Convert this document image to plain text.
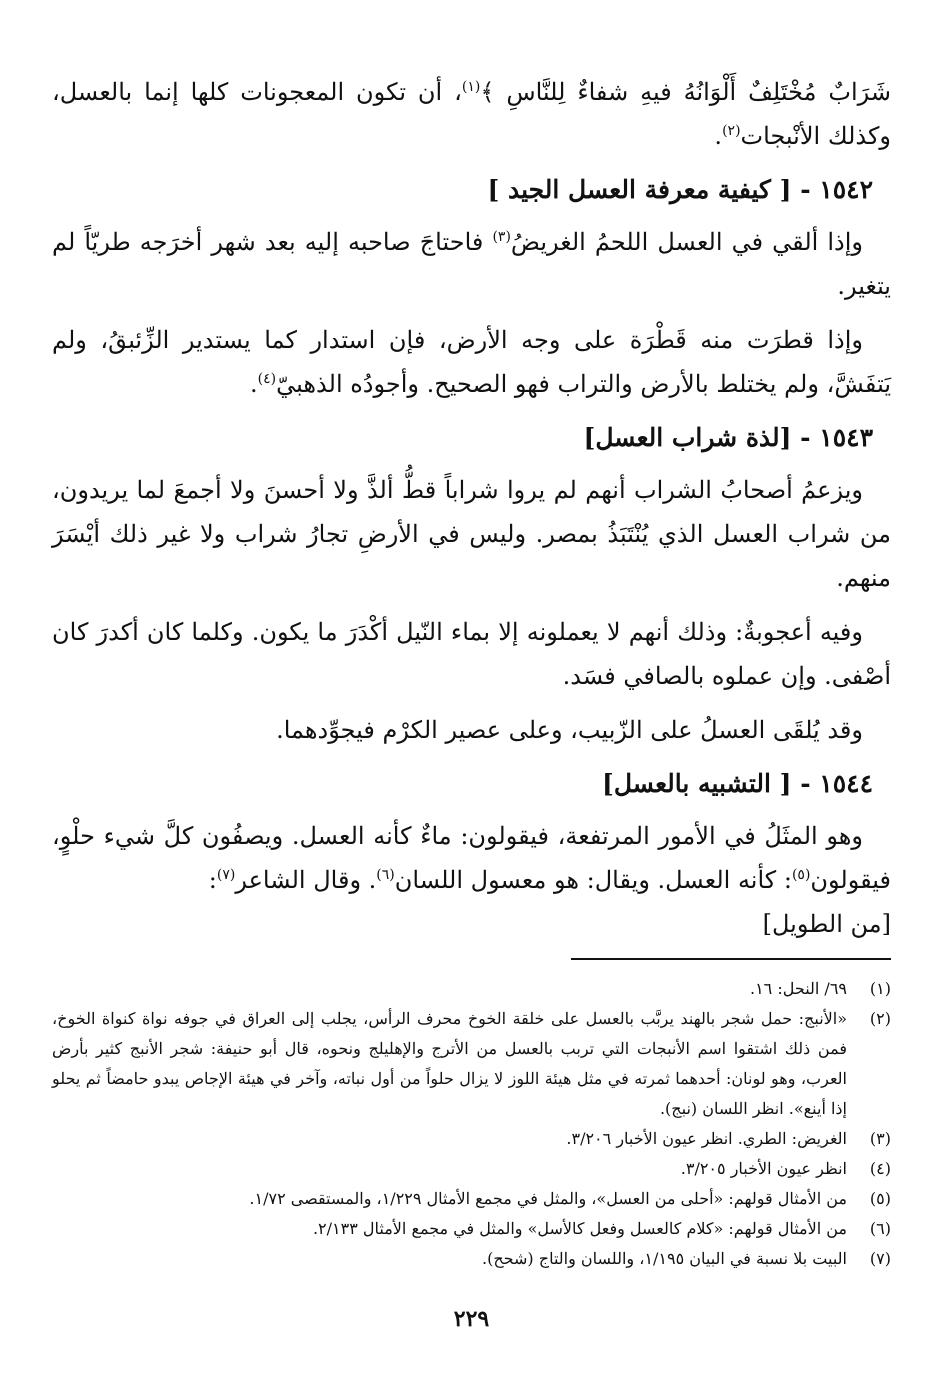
شَرَابٌ مُخْتَلِفٌ أَلْوَانُهُ فيهِ شفاءٌ لِلنَّاسِ ﴾$^{(١)}$، أن تكون المعجونات كلها إنما بالعسل، وكذلك الأنْبجات$^{(٢)}$.

١٥٤٢ - [ كيفية معرفة العسل الجيد ]

وإذا ألقي في العسل اللحمُ الغريضُ$^{(٣)}$ فاحتاجَ صاحبه إليه بعد شهر أخرَجه طريّاً لم يتغير.

وإذا قطرَت منه قَطْرَة على وجه الأرض، فإن استدار كما يستدير الزِّئبقُ، ولم يَتفَشَّ، ولم يختلط بالأرض والتراب فهو الصحيح. وأجودُه الذهبيّ$^{(٤)}$.

١٥٤٣ - [لذة شراب العسل]

ويزعمُ أصحابُ الشراب أنهم لم يروا شراباً قطُّ ألذَّ ولا أحسنَ ولا أجمعَ لما يريدون، من شراب العسل الذي يُنْتَبَذُ بمصر. وليس في الأرضِ تجارُ شراب ولا غير ذلك أيْسَرَ منهم.

وفيه أعجوبةٌ: وذلك أنهم لا يعملونه إلا بماء النّيل أكْدَرَ ما يكون. وكلما كان أكدرَ كان أصْفى. وإن عملوه بالصافي فسَد.

وقد يُلقَى العسلُ على الزّبيب، وعلى عصير الكرْم فيجوِّدهما.

١٥٤٤ - [ التشبيه بالعسل]

وهو المثَلُ في الأمور المرتفعة، فيقولون: ماءٌ كأنه العسل. ويصفُون كلَّ شيء حلْوٍ، فيقولون$^{(٥)}$: كأنه العسل. ويقال: هو معسول اللسان$^{(٦)}$. وقال الشاعر$^{(٧)}$:

[من الطويل]
(١)
٦٩/ النحل: ١٦.
(٢)
«الأنبج: حمل شجر بالهند يربَّب بالعسل على خلقة الخوخ محرف الرأس، يجلب إلى العراق في جوفه نواة كنواة الخوخ، فمن ذلك اشتقوا اسم الأنبجات التي تربب بالعسل من الأترج والإهليلج ونحوه، قال أبو حنيفة: شجر الأنبج كثير بأرض العرب، وهو لونان: أحدهما ثمرته في مثل هيئة اللوز لا يزال حلواً من أول نباته، وآخر في هيئة الإجاص يبدو حامضاً ثم يحلو إذا أينع». انظر اللسان (نبج).
(٣)
الغريض: الطري. انظر عيون الأخبار ٣/٢٠٦.
(٤)
انظر عيون الأخبار ٣/٢٠٥.
(٥)
من الأمثال قولهم: «أحلى من العسل»، والمثل في مجمع الأمثال ١/٢٢٩، والمستقصى ١/٧٢.
(٦)
من الأمثال قولهم: «كلام كالعسل وفعل كالأسل» والمثل في مجمع الأمثال ٢/١٣٣.
(٧)
البيت بلا نسبة في البيان ١/١٩٥، واللسان والتاج (شحح).
٢٢٩
